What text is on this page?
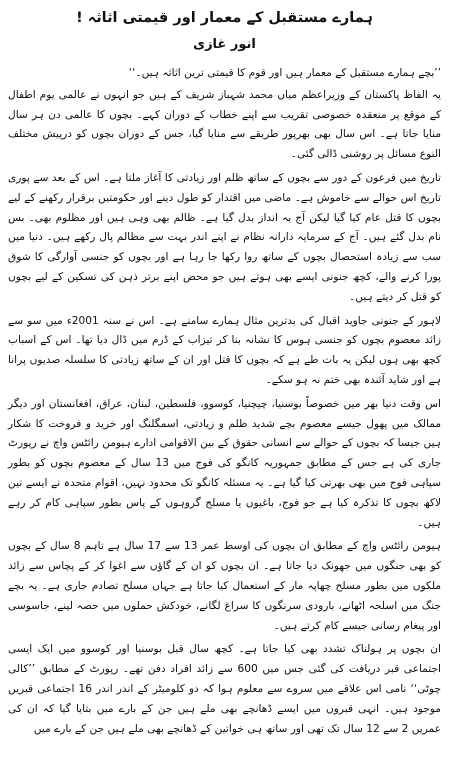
ہمارے مستقبل کے معمار اور قیمتی اثاثہ !
انور غازی

’’بچے ہمارے مستقبل کے معمار ہیں اور قوم کا قیمتی ترین اثاثہ ہیں۔‘‘

یہ الفاظ پاکستان کے وزیراعظم میاں محمد شہباز شریف کے ہیں جو انہوں نے عالمی یوم اطفال کے موقع پر منعقدہ خصوصی تقریب سے اپنے خطاب کے دوران کہے۔ بچوں کا عالمی دن ہر سال منایا جاتا ہے۔ اس سال بھی بھرپور طریقے سے منایا گیا، جس کے دوران بچوں کو درپیش مختلف النوع مسائل پر روشنی ڈالی گئی۔

تاریخ میں فرعون کے دور سے بچوں کے ساتھ ظلم اور زیادتی کا آغاز ملتا ہے۔ اس کے بعد سے پوری تاریخ اس حوالے سے خاموش ہے۔ ماضی میں اقتدار کو طول دینے اور حکومتیں برقرار رکھنے کے لیے بچوں کا قتل عام کیا گیا لیکن آج یہ انداز بدل گیا ہے۔ ظالم بھی وہی ہیں اور مظلوم بھی۔ بس نام بدل گئے ہیں۔ آج کے سرمایہ دارانہ نظام نے اپنے اندر بہت سے مظالم پال رکھے ہیں۔ دنیا میں سب سے زیادہ استحصال بچوں کے ساتھ روا رکھا جا رہا ہے اور بچوں کو جنسی آوارگی کا شوق پورا کرنے والے، کچھ جنونی ایسے بھی ہوتے ہیں جو محض اپنے برتر ذہن کی تسکین کے لیے بچوں کو قتل کر دیتے ہیں۔

لاہور کے جنونی جاوید اقبال کی بدترین مثال ہمارے سامنے ہے۔ اس نے سنہ 2001ء میں سو سے زائد معصوم بچوں کو جنسی ہوس کا نشانہ بنا کر تیزاب کے ڈرم میں ڈال دیا تھا۔ اس کے اسباب کچھ بھی ہوں لیکن یہ بات طے ہے کہ بچوں کا قتل اور ان کے ساتھ زیادتی کا سلسلہ صدیوں پرانا ہے اور شاید آئندہ بھی ختم نہ ہو سکے۔

اس وقت دنیا بھر میں خصوصاً بوسنیا، چیچنیا، کوسوو، فلسطین، لبنان، عراق، افغانستان اور دیگر ممالک میں پھول جیسے معصوم بچے شدید ظلم و زیادتی، اسمگلنگ اور خرید و فروخت کا شکار ہیں جیسا کہ بچوں کے حوالے سے انسانی حقوق کے بین الاقوامی ادارے ہیومن رائٹس واچ نے رپورٹ جاری کی ہے جس کے مطابق جمہوریہ کانگو کی فوج میں 13 سال کے معصوم بچوں کو بطور سپاہی فوج میں بھی بھرتی کیا گیا ہے۔ یہ مسئلہ کانگو تک محدود نہیں، اقوام متحدہ نے ایسے تین لاکھ بچوں کا تذکرہ کیا ہے جو فوج، باغیوں یا مسلح گروہوں کے پاس بطور سپاہی کام کر رہے ہیں۔

ہیومن رائٹس واچ کے مطابق ان بچوں کی اوسط عمر 13 سے 17 سال ہے تاہم 8 سال کے بچوں کو بھی جنگوں میں جھونک دیا جاتا ہے۔ ان بچوں کو ان کے گاؤں سے اغوا کر کے پچاس سے زائد ملکوں میں بطور مسلح چھاپہ مار کے استعمال کیا جاتا ہے جہاں مسلح تصادم جاری ہے۔ یہ بچے جنگ میں اسلحہ اٹھانے، بارودی سرنگوں کا سراغ لگانے، خودکش حملوں میں حصہ لینے، جاسوسی اور پیغام رسانی جیسے کام کرتے ہیں۔

ان بچوں پر ہولناک تشدد بھی کیا جاتا ہے۔ کچھ سال قبل بوسنیا اور کوسوو میں ایک ایسی اجتماعی قبر دریافت کی گئی جس میں 600 سے زائد افراد دفن تھے۔ رپورٹ کے مطابق ’’کالی چوٹی‘‘ نامی اس علاقے میں سروے سے معلوم ہوا کہ دو کلومیٹر کے اندر اندر 16 اجتماعی قبریں موجود ہیں۔ انہی قبروں میں ایسے ڈھانچے بھی ملے ہیں جن کے بارے میں بتایا گیا کہ ان کی عمریں 2 سے 12 سال تک تھی اور ساتھ ہی خواتین کے ڈھانچے بھی ملے ہیں جن کے بارے میں
